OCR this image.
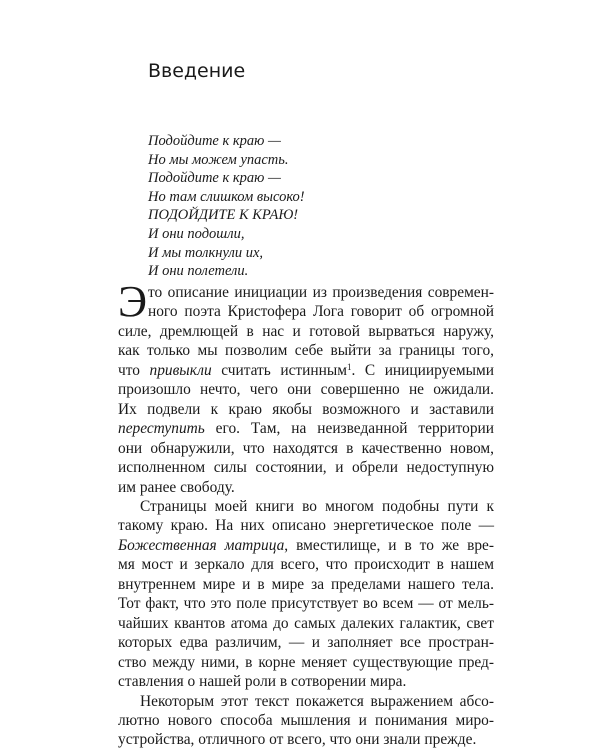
Введение
Подойдите к краю —
Но мы можем упасть.
Подойдите к краю —
Но там слишком высоко!
ПОДОЙДИТЕ К КРАЮ!
И они подошли,
И мы толкнули их,
И они полетели.
Э то описание инициации из произведения современ-
ного поэта Кристофера Лога говорит об огромной
силе, дремлющей в нас и готовой вырваться наружу,
как только мы позволим себе выйти за границы того,
что привыкли считать истинным$^1$. С инициируемыми
произошло нечто, чего они совершенно не ожидали.
Их подвели к краю якобы возможного и заставили
переступить его. Там, на неизведанной территории
они обнаружили, что находятся в качественно новом,
исполненном силы состоянии, и обрели недоступную
им ранее свободу.
Страницы моей книги во многом подобны пути к
такому краю. На них описано энергетическое поле —
Божественная матрица, вместилище, и в то же вре-
мя мост и зеркало для всего, что происходит в нашем
внутреннем мире и в мире за пределами нашего тела.
Тот факт, что это поле присутствует во всем — от мель-
чайших квантов атома до самых далеких галактик, свет
которых едва различим, — и заполняет все простран-
ство между ними, в корне меняет существующие пред-
ставления о нашей роли в сотворении мира.
Некоторым этот текст покажется выражением абсо-
лютно нового способа мышления и понимания миро-
устройства, отличного от всего, что они знали прежде.
